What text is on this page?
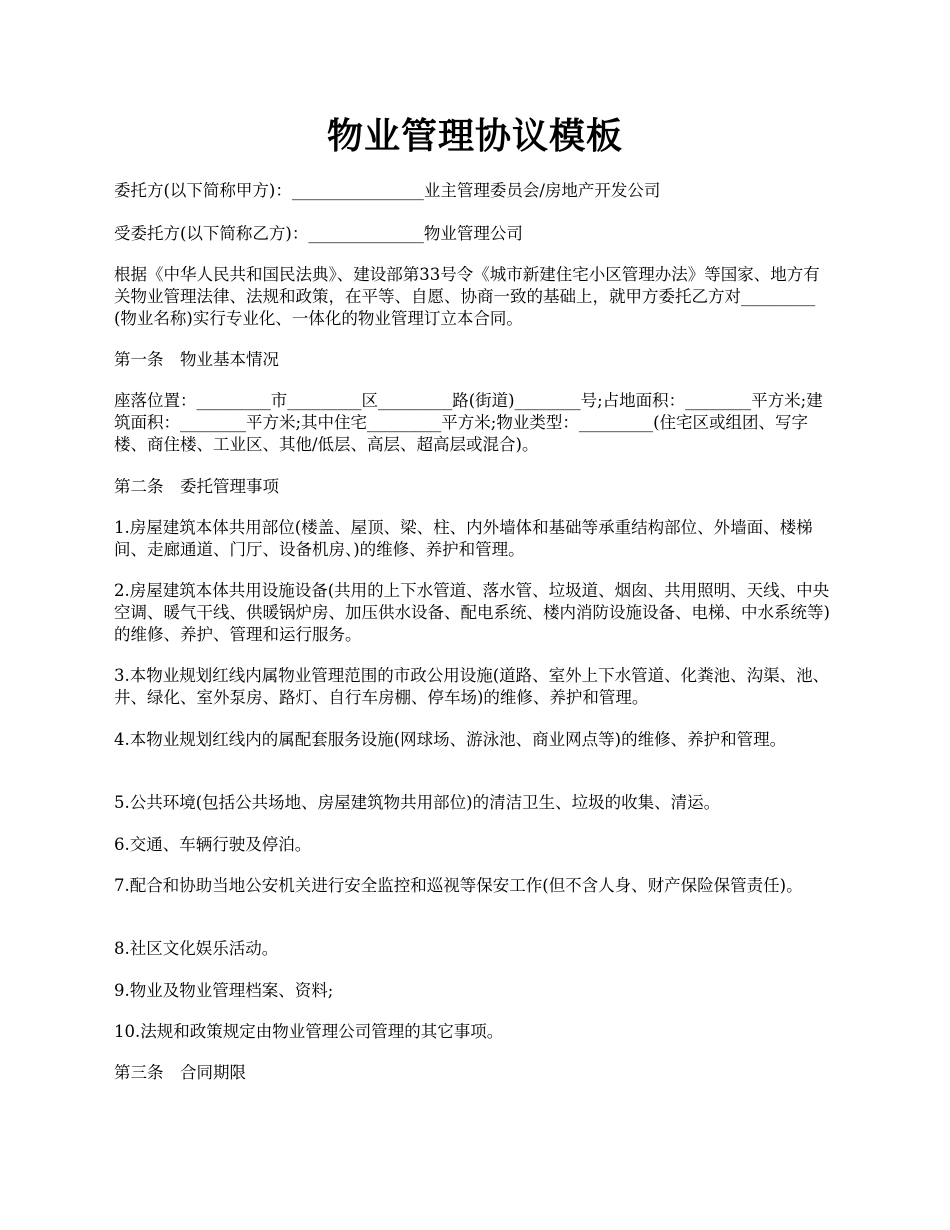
物业管理协议模板

委托方(以下简称甲方)：________________业主管理委员会/房地产开发公司

受委托方(以下简称乙方)：______________物业管理公司

根据《中华人民共和国民法典》、建设部第33号令《城市新建住宅小区管理办法》等国家、地方有关物业管理法律、法规和政策，在平等、自愿、协商一致的基础上，就甲方委托乙方对_________(物业名称)实行专业化、一体化的物业管理订立本合同。

第一条　物业基本情况

座落位置：_________市_________区_________路(街道)________号;占地面积：________平方米;建筑面积：________平方米;其中住宅_________平方米;物业类型：_________(住宅区或组团、写字楼、商住楼、工业区、其他/低层、高层、超高层或混合)。

第二条　委托管理事项

1.房屋建筑本体共用部位(楼盖、屋顶、梁、柱、内外墙体和基础等承重结构部位、外墙面、楼梯间、走廊通道、门厅、设备机房、)的维修、养护和管理。

2.房屋建筑本体共用设施设备(共用的上下水管道、落水管、垃圾道、烟囱、共用照明、天线、中央空调、暖气干线、供暖锅炉房、加压供水设备、配电系统、楼内消防设施设备、电梯、中水系统等)的维修、养护、管理和运行服务。

3.本物业规划红线内属物业管理范围的市政公用设施(道路、室外上下水管道、化粪池、沟渠、池、井、绿化、室外泵房、路灯、自行车房棚、停车场)的维修、养护和管理。

4.本物业规划红线内的属配套服务设施(网球场、游泳池、商业网点等)的维修、养护和管理。

5.公共环境(包括公共场地、房屋建筑物共用部位)的清洁卫生、垃圾的收集、清运。

6.交通、车辆行驶及停泊。

7.配合和协助当地公安机关进行安全监控和巡视等保安工作(但不含人身、财产保险保管责任)。

8.社区文化娱乐活动。

9.物业及物业管理档案、资料;

10.法规和政策规定由物业管理公司管理的其它事项。

第三条　合同期限
